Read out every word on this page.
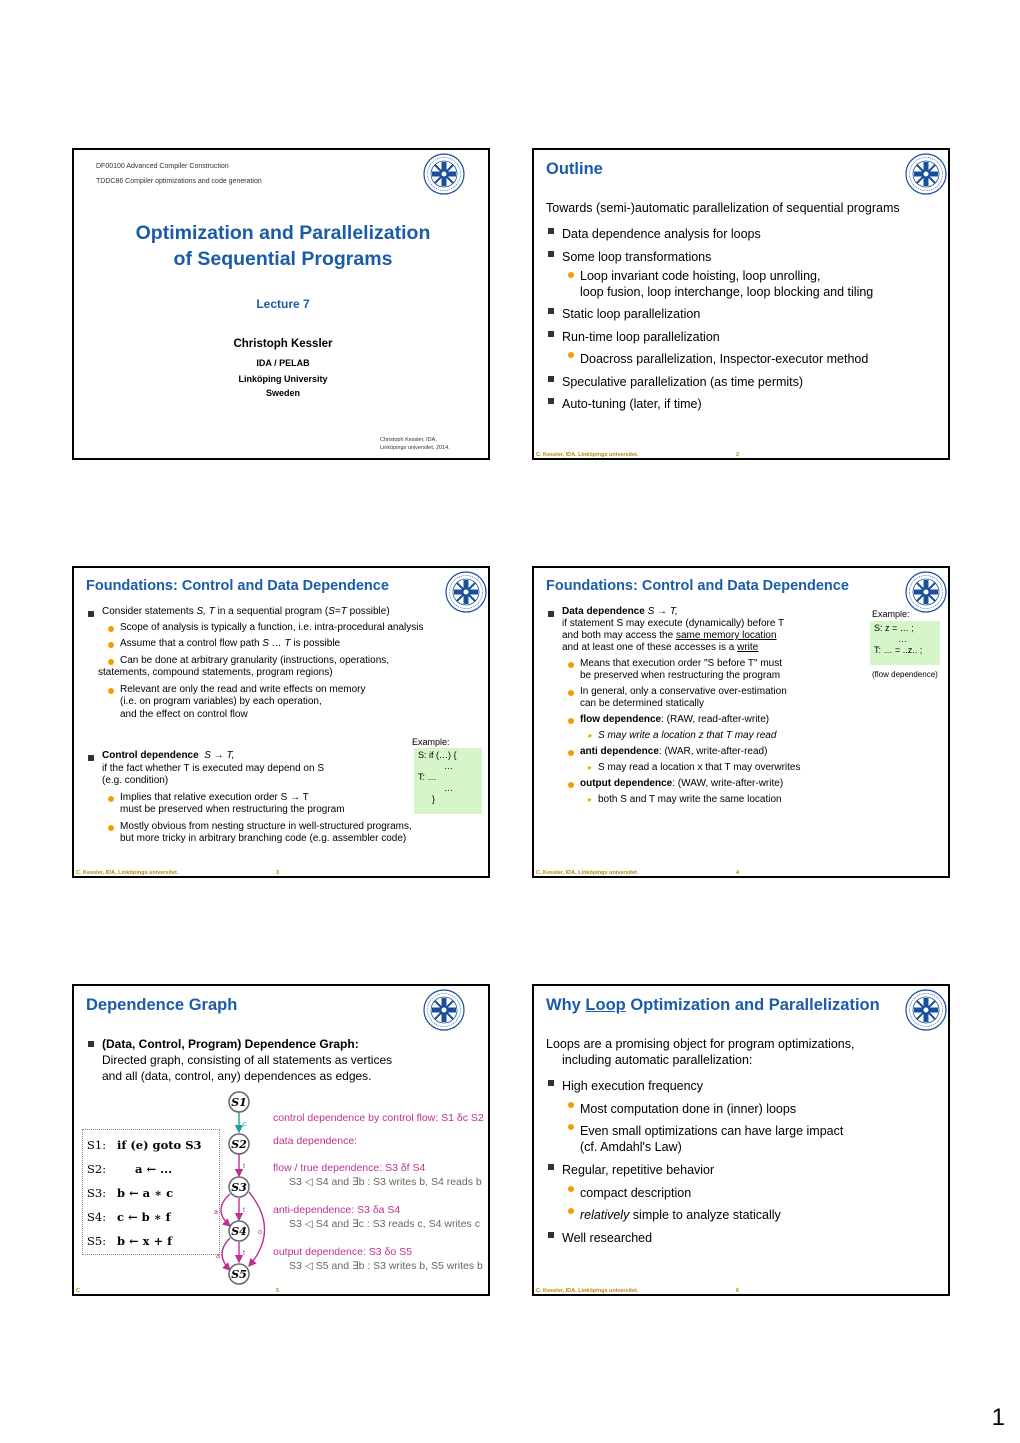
DF00100 Advanced Compiler Construction
TDDC86 Compiler optimizations and code generation
Optimization and Parallelization
of Sequential Programs
Lecture 7
Christoph Kessler
IDA / PELAB
Linköping University
Sweden
Christoph Kessler, IDA,
Linköpings universitet, 2014.
Outline
Towards (semi-)automatic parallelization of sequential programs
Data dependence analysis for loops
Some loop transformations
Loop invariant code hoisting, loop unrolling,
loop fusion, loop interchange, loop blocking and tiling
Static loop parallelization
Run-time loop parallelization
Doacross parallelization, Inspector-executor method
Speculative parallelization (as time permits)
Auto-tuning (later, if time)
C. Kessler, IDA, Linköpings universitet.	2
Foundations: Control and Data Dependence
Consider statements S, T in a sequential program (S=T possible)
Scope of analysis is typically a function, i.e. intra-procedural analysis
Assume that a control flow path S … T is possible
Can be done at arbitrary granularity (instructions, operations,
statements, compound statements, program regions)
Relevant are only the read and write effects on memory
(i.e. on program variables) by each operation,
and the effect on control flow
Example:
S: if (…) {
…
T: …
…
}
Control dependence S → T,
if the fact whether T is executed may depend on S
(e.g. condition)
Implies that relative execution order S → T
must be preserved when restructuring the program
Mostly obvious from nesting structure in well-structured programs,
but more tricky in arbitrary branching code (e.g. assembler code)
C. Kessler, IDA, Linköpings universitet.	3
Foundations: Control and Data Dependence
Example:
S: z = … ;
…
T: … = ..z.. ;
(flow dependence)
Data dependence S → T,
if statement S may execute (dynamically) before T
and both may access the same memory location
and at least one of these accesses is a write
Means that execution order "S before T" must
be preserved when restructuring the program
In general, only a conservative over-estimation
can be determined statically
flow dependence: (RAW, read-after-write)
▸ S may write a location z that T may read
anti dependence: (WAR, write-after-read)
▸ S may read a location x that T may overwrites
output dependence: (WAW, write-after-write)
▸ both S and T may write the same location
C. Kessler, IDA, Linköpings universitet.	4
Dependence Graph
(Data, Control, Program) Dependence Graph:
Directed graph, consisting of all statements as vertices
and all (data, control, any) dependences as edges.
S1: if (e) goto S3
S2:	a ← ...
S3: b ← a ∗ c
S4: c ← b ∗ f
S5: b ← x + f
S1
S2
S3
S4
S5
c
t
t
a
o
t
a
control dependence by control flow: S1 δc S2
data dependence:
flow / true dependence: S3 δf S4
S3 ◁ S4 and ∃b : S3 writes b, S4 reads b
anti-dependence: S3 δa S4
S3 ◁ S4 and ∃c : S3 reads c, S4 writes c
output dependence: S3 δo S5
S3 ◁ S5 and ∃b : S3 writes b, S5 writes b
C	5
Why Loop Optimization and Parallelization
Loops are a promising object for program optimizations,
including automatic parallelization:
High execution frequency
Most computation done in (inner) loops
Even small optimizations can have large impact
(cf. Amdahl's Law)
Regular, repetitive behavior
compact description
relatively simple to analyze statically
Well researched
C. Kessler, IDA, Linköpings universitet.	6
1
